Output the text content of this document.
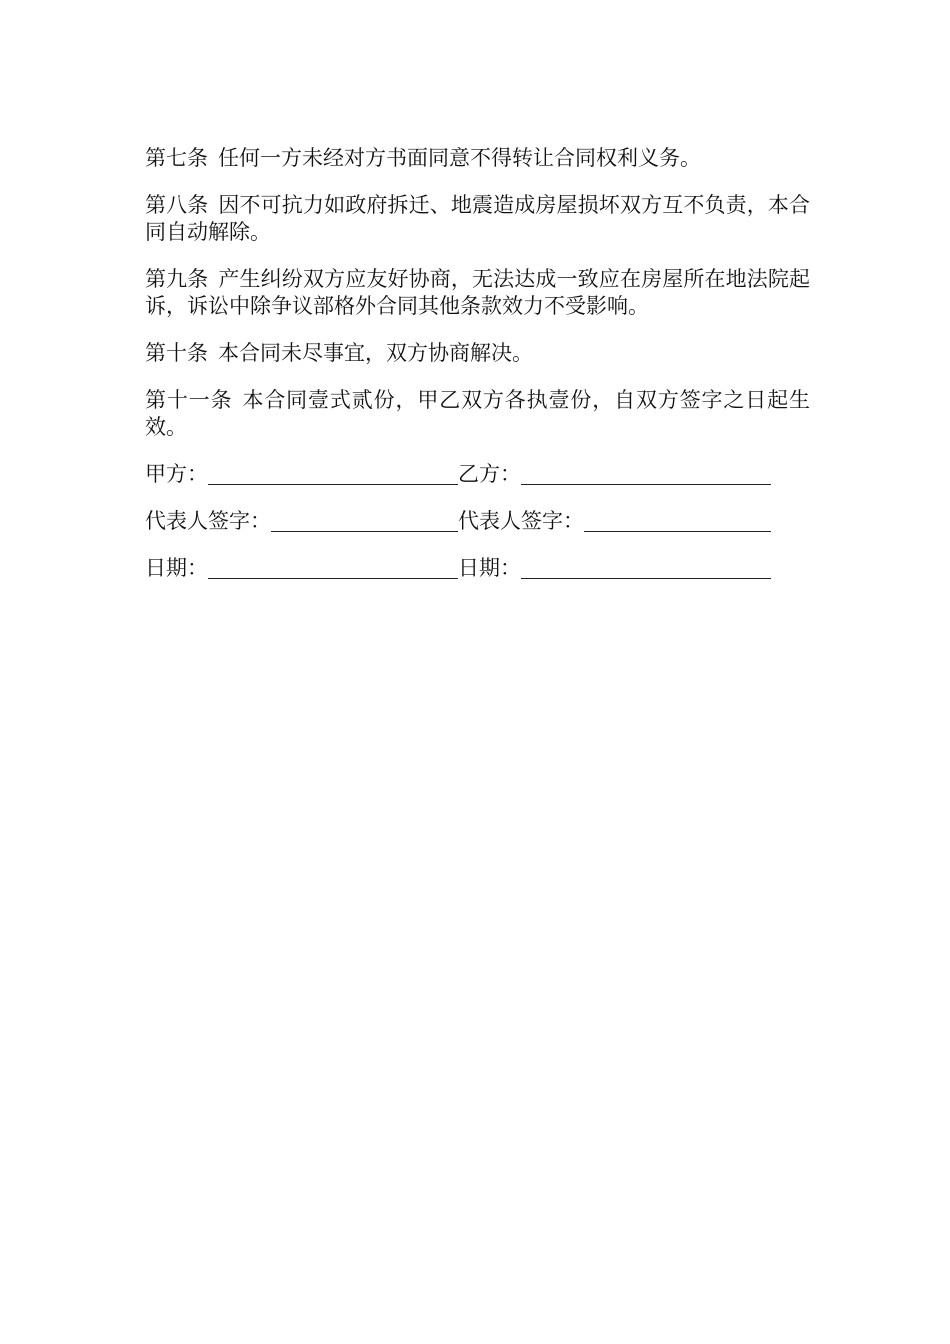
第七条 任何一方未经对方书面同意不得转让合同权利义务。

第八条 因不可抗力如政府拆迁、地震造成房屋损坏双方互不负责，本合同自动解除。

第九条 产生纠纷双方应友好协商，无法达成一致应在房屋所在地法院起诉，诉讼中除争议部格外合同其他条款效力不受影响。

第十条 本合同未尽事宜，双方协商解决。

第十一条 本合同壹式贰份，甲乙双方各执壹份，自双方签字之日起生效。

甲方：	乙方：
代表人签字：	代表人签字：
日期：	日期：
